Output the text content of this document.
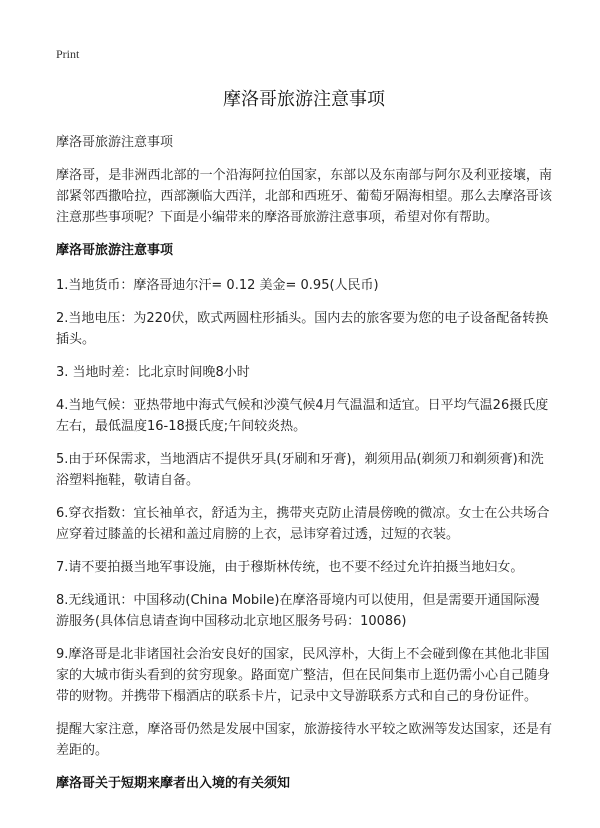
Print
摩洛哥旅游注意事项

摩洛哥旅游注意事项

摩洛哥，是非洲西北部的一个沿海阿拉伯国家，东部以及东南部与阿尔及利亚接壤，南部紧邻西撒哈拉，西部濒临大西洋，北部和西班牙、葡萄牙隔海相望。那么去摩洛哥该注意那些事项呢？下面是小编带来的摩洛哥旅游注意事项，希望对你有帮助。

摩洛哥旅游注意事项

1.当地货币：摩洛哥迪尔汗= 0.12 美金= 0.95(人民币)

2.当地电压：为220伏，欧式两圆柱形插头。国内去的旅客要为您的电子设备配备转换插头。

3. 当地时差：比北京时间晚8小时

4.当地气候：亚热带地中海式气候和沙漠气候4月气温温和适宜。日平均气温26摄氏度左右，最低温度16-18摄氏度;午间较炎热。

5.由于环保需求，当地酒店不提供牙具(牙刷和牙膏)，剃须用品(剃须刀和剃须膏)和洗浴塑料拖鞋，敬请自备。

6.穿衣指数：宜长袖单衣，舒适为主，携带夹克防止清晨傍晚的微凉。女士在公共场合应穿着过膝盖的长裙和盖过肩膀的上衣，忌讳穿着过透，过短的衣装。

7.请不要拍摄当地军事设施，由于穆斯林传统，也不要不经过允许拍摄当地妇女。

8.无线通讯：中国移动(China Mobile)在摩洛哥境内可以使用，但是需要开通国际漫游服务(具体信息请查询中国移动北京地区服务号码：10086)

9.摩洛哥是北非诸国社会治安良好的国家，民风淳朴，大街上不会碰到像在其他北非国家的大城市街头看到的贫穷现象。路面宽广整洁，但在民间集市上逛仍需小心自己随身带的财物。并携带下榻酒店的联系卡片，记录中文导游联系方式和自己的身份证件。

提醒大家注意，摩洛哥仍然是发展中国家，旅游接待水平较之欧洲等发达国家，还是有差距的。

摩洛哥关于短期来摩者出入境的有关须知
